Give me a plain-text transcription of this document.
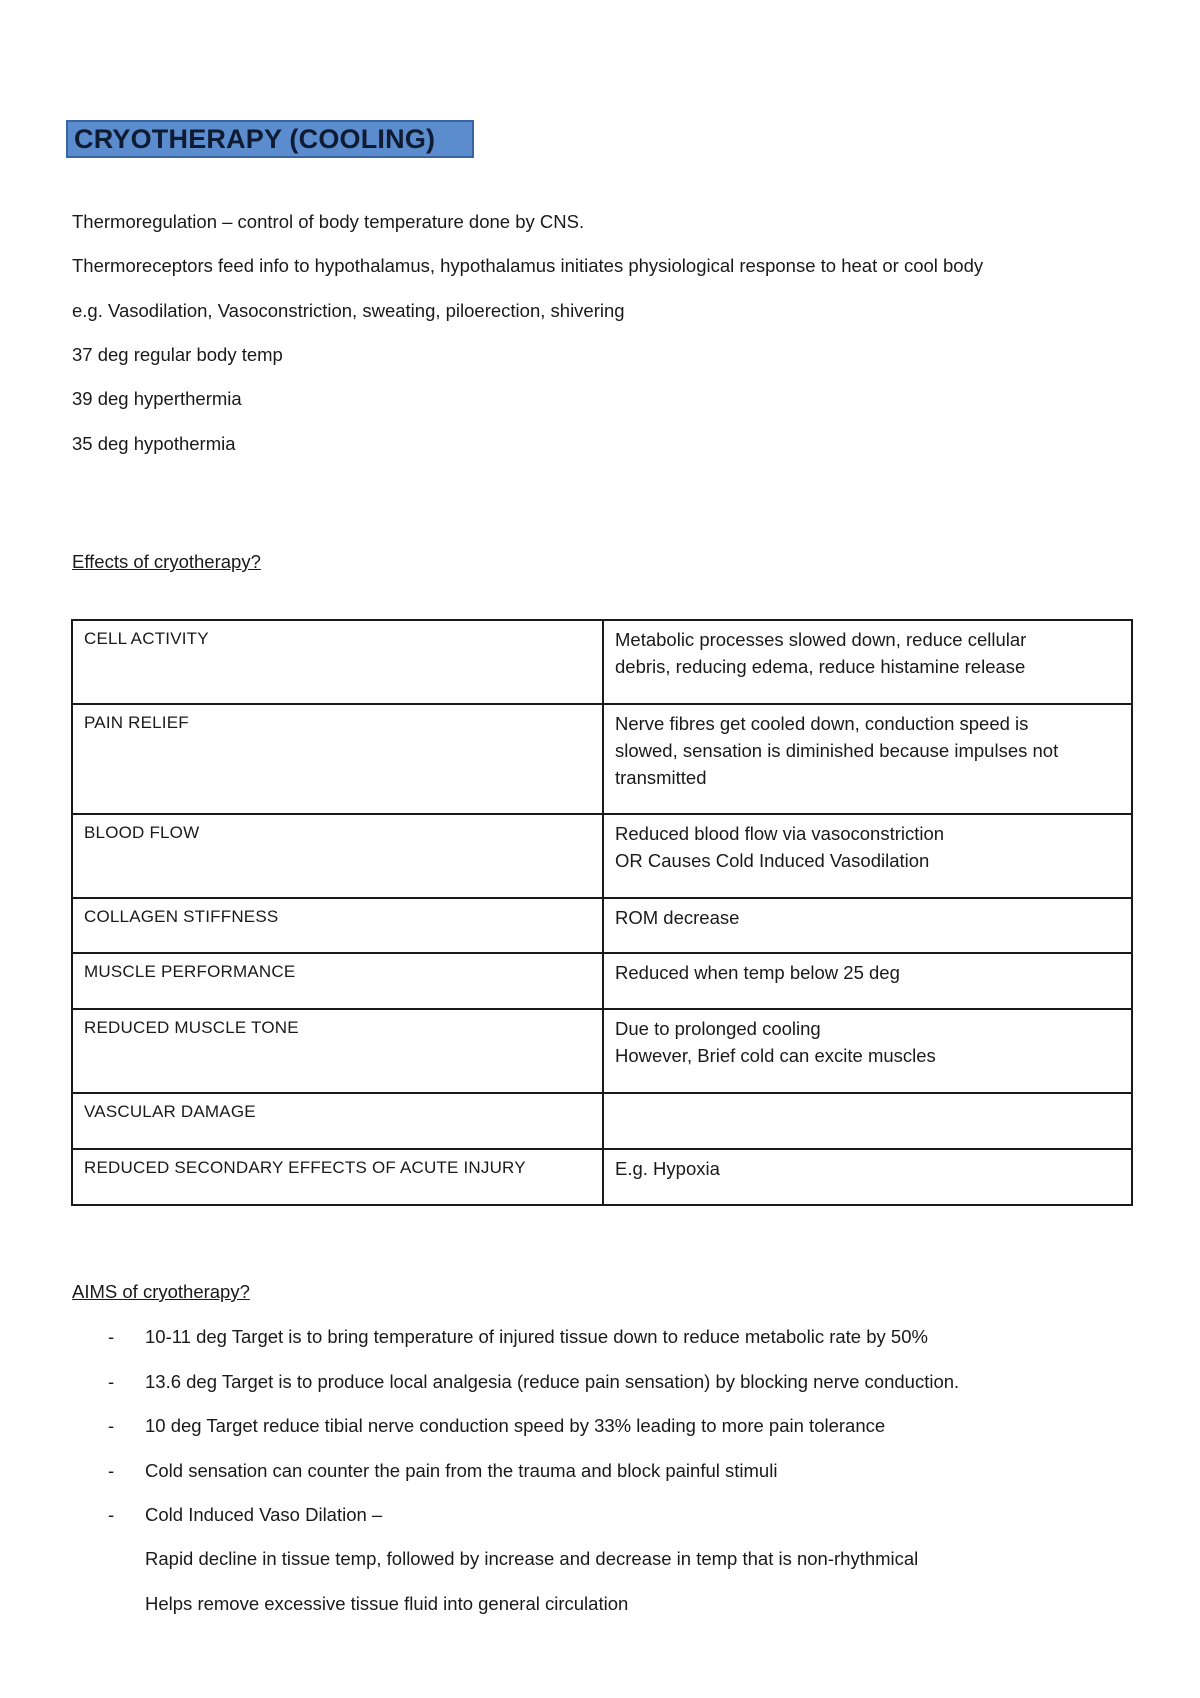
CRYOTHERAPY (COOLING)
Thermoregulation – control of body temperature done by CNS.
Thermoreceptors feed info to hypothalamus, hypothalamus initiates physiological response to heat or cool body
e.g. Vasodilation, Vasoconstriction, sweating, piloerection, shivering
37 deg regular body temp
39 deg hyperthermia
35 deg hypothermia
Effects of cryotherapy?
CELL ACTIVITY	Metabolic processes slowed down, reduce cellular
debris, reducing edema, reduce histamine release

PAIN RELIEF	Nerve fibres get cooled down, conduction speed is
slowed, sensation is diminished because impulses not
transmitted

BLOOD FLOW	Reduced blood flow via vasoconstriction
OR Causes Cold Induced Vasodilation

COLLAGEN STIFFNESS	ROM decrease

MUSCLE PERFORMANCE	Reduced when temp below 25 deg

REDUCED MUSCLE TONE	Due to prolonged cooling
However, Brief cold can excite muscles

VASCULAR DAMAGE	

REDUCED SECONDARY EFFECTS OF ACUTE INJURY	E.g. Hypoxia
AIMS of cryotherapy?
- 10-11 deg Target is to bring temperature of injured tissue down to reduce metabolic rate by 50%
- 13.6 deg Target is to produce local analgesia (reduce pain sensation) by blocking nerve conduction.
- 10 deg Target reduce tibial nerve conduction speed by 33% leading to more pain tolerance
- Cold sensation can counter the pain from the trauma and block painful stimuli
- Cold Induced Vaso Dilation –
Rapid decline in tissue temp, followed by increase and decrease in temp that is non-rhythmical
Helps remove excessive tissue fluid into general circulation
